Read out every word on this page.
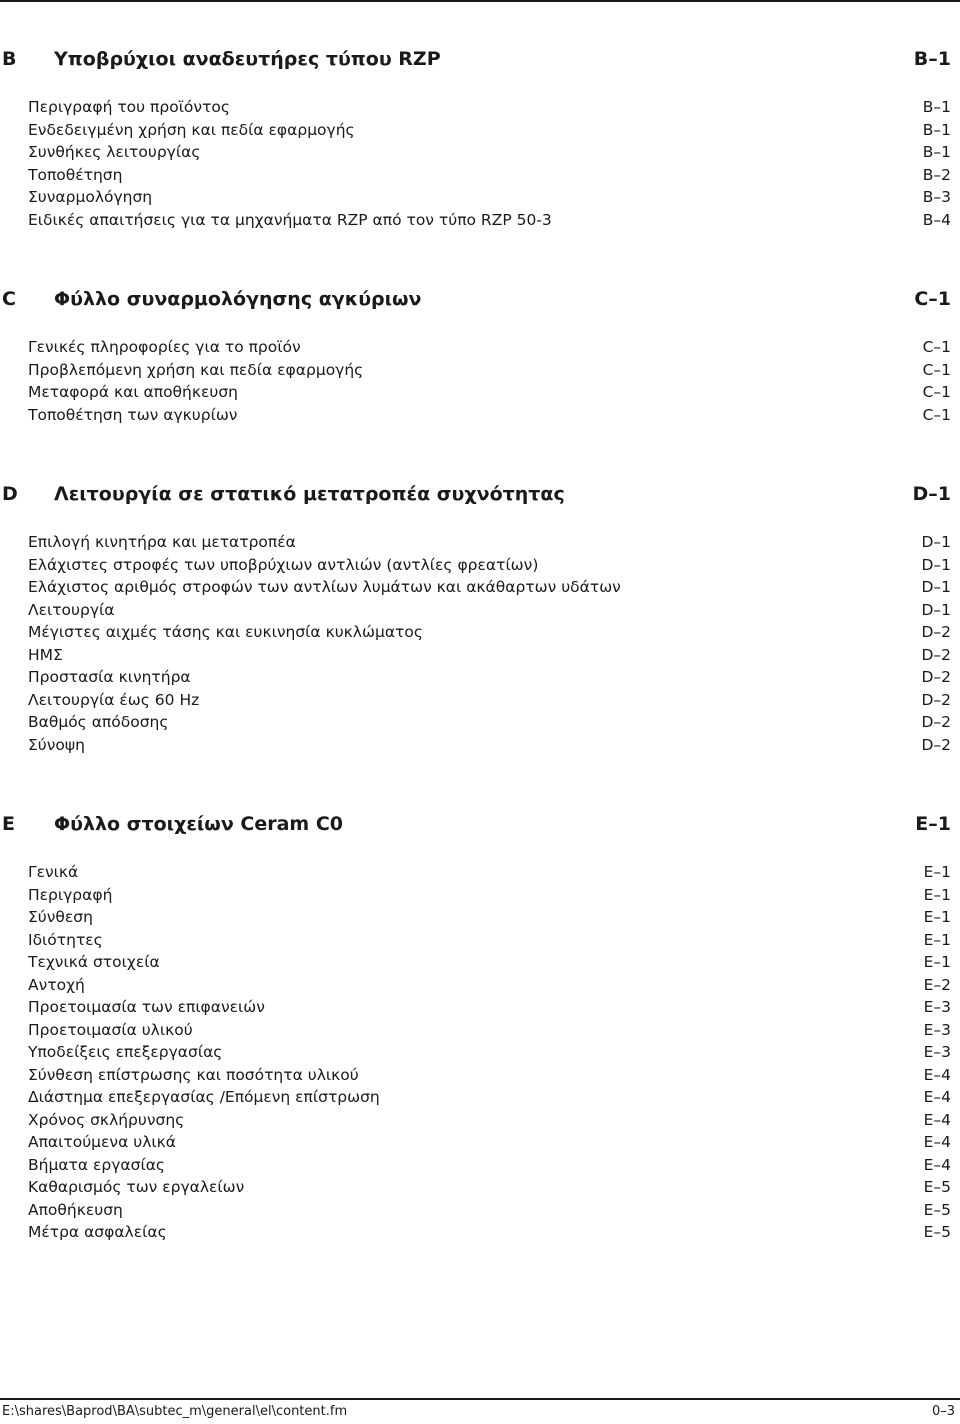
B Υποβρύχιοι αναδευτήρες τύπου RZP	B–1
Περιγραφή του προϊόντος	B–1
Ενδεδειγμένη χρήση και πεδία εφαρμογής	B–1
Συνθήκες λειτουργίας	B–1
Τοποθέτηση	B–2
Συναρμολόγηση	B–3
Ειδικές απαιτήσεις για τα μηχανήματα RZP από τον τύπο RZP 50-3	B–4
C Φύλλο συναρμολόγησης αγκύριων	C–1
Γενικές πληροφορίες για το προϊόν	C–1
Προβλεπόμενη χρήση και πεδία εφαρμογής	C–1
Μεταφορά και αποθήκευση	C–1
Τοποθέτηση των αγκυρίων	C–1
D Λειτουργία σε στατικό μετατροπέα συχνότητας	D–1
Επιλογή κινητήρα και μετατροπέα	D–1
Ελάχιστες στροφές των υποβρύχιων αντλιών (αντλίες φρεατίων)	D–1
Ελάχιστος αριθμός στροφών των αντλίων λυμάτων και ακάθαρτων υδάτων	D–1
Λειτουργία	D–1
Μέγιστες αιχμές τάσης και ευκινησία κυκλώματος	D–2
ΗΜΣ	D–2
Προστασία κινητήρα	D–2
Λειτουργία έως 60 Hz	D–2
Βαθμός απόδοσης	D–2
Σύνοψη	D–2
E Φύλλο στοιχείων Ceram C0	E–1
Γενικά	E–1
Περιγραφή	E–1
Σύνθεση	E–1
Ιδιότητες	E–1
Τεχνικά στοιχεία	E–1
Αντοχή	E–2
Προετοιμασία των επιφανειών	E–3
Προετοιμασία υλικού	E–3
Υποδείξεις επεξεργασίας	E–3
Σύνθεση επίστρωσης και ποσότητα υλικού	E–4
Διάστημα επεξεργασίας /Επόμενη επίστρωση	E–4
Χρόνος σκλήρυνσης	E–4
Απαιτούμενα υλικά	E–4
Βήματα εργασίας	E–4
Καθαρισμός των εργαλείων	E–5
Αποθήκευση	E–5
Μέτρα ασφαλείας	E–5
E:\shares\Baprod\BA\subtec_m\general\el\content.fm	0–3
